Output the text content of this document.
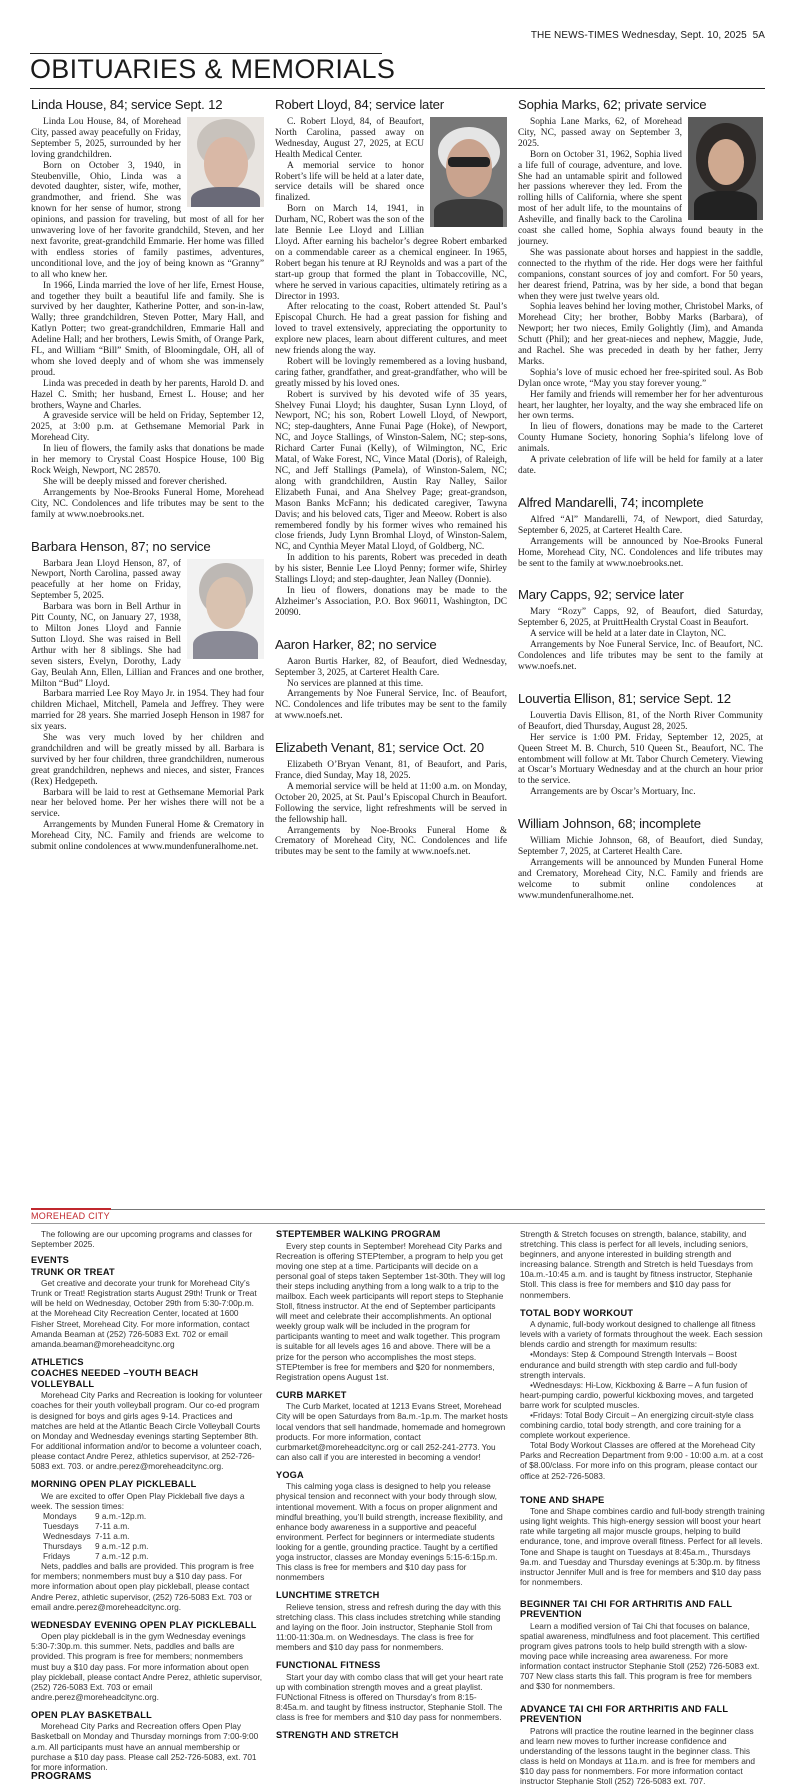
THE NEWS-TIMES Wednesday, Sept. 10, 2025 5A
OBITUARIES & MEMORIALS
Linda House, 84; service Sept. 12

Linda Lou House, 84, of Morehead City, passed away peacefully on Friday, September 5, 2025, surrounded by her loving grandchildren.

Born on October 3, 1940, in Steubenville, Ohio, Linda was a devoted daughter, sister, wife, mother, grandmother, and friend. She was known for her sense of humor, strong opinions, and passion for traveling, but most of all for her unwavering love of her favorite grandchild, Steven, and her next favorite, great-grandchild Emmarie. Her home was filled with endless stories of family pastimes, adventures, unconditional love, and the joy of being known as “Granny” to all who knew her.

In 1966, Linda married the love of her life, Ernest House, and together they built a beautiful life and family. She is survived by her daughter, Katherine Potter, and son-in-law, Wally; three grandchildren, Steven Potter, Mary Hall, and Katlyn Potter; two great-grandchildren, Emmarie Hall and Adeline Hall; and her brothers, Lewis Smith, of Orange Park, FL, and William “Bill” Smith, of Bloomingdale, OH, all of whom she loved deeply and of whom she was immensely proud.

Linda was preceded in death by her parents, Harold D. and Hazel C. Smith; her husband, Ernest L. House; and her brothers, Wayne and Charles.

A graveside service will be held on Friday, September 12, 2025, at 3:00 p.m. at Gethsemane Memorial Park in Morehead City.

In lieu of flowers, the family asks that donations be made in her memory to Crystal Coast Hospice House, 100 Big Rock Weigh, Newport, NC 28570.

She will be deeply missed and forever cherished.

Arrangements by Noe-Brooks Funeral Home, Morehead City, NC. Condolences and life tributes may be sent to the family at www.noebrooks.net.

Barbara Henson, 87; no service

Barbara Jean Lloyd Henson, 87, of Newport, North Carolina, passed away peacefully at her home on Friday, September 5, 2025.

Barbara was born in Bell Arthur in Pitt County, NC, on January 27, 1938, to Milton Jones Lloyd and Fannie Sutton Lloyd. She was raised in Bell Arthur with her 8 siblings. She had seven sisters, Evelyn, Dorothy, Lady Gay, Beulah Ann, Ellen, Lillian and Frances and one brother, Milton “Bud” Lloyd.

Barbara married Lee Roy Mayo Jr. in 1954. They had four children Michael, Mitchell, Pamela and Jeffrey. They were married for 28 years. She married Joseph Henson in 1987 for six years.

She was very much loved by her children and grandchildren and will be greatly missed by all. Barbara is survived by her four children, three grandchildren, numerous great grandchildren, nephews and nieces, and sister, Frances (Rex) Hedgepeth.

Barbara will be laid to rest at Gethsemane Memorial Park near her beloved home. Per her wishes there will not be a service.

Arrangements by Munden Funeral Home & Crematory in Morehead City, NC. Family and friends are welcome to submit online condolences at www.mundenfuneralhome.net.

Robert Lloyd, 84; service later

C. Robert Lloyd, 84, of Beaufort, North Carolina, passed away on Wednesday, August 27, 2025, at ECU Health Medical Center.

A memorial service to honor Robert’s life will be held at a later date, service details will be shared once finalized.

Born on March 14, 1941, in Durham, NC, Robert was the son of the late Bennie Lee Lloyd and Lillian Lloyd. After earning his bachelor’s degree Robert embarked on a commendable career as a chemical engineer. In 1965, Robert began his tenure at RJ Reynolds and was a part of the start-up group that formed the plant in Tobaccoville, NC, where he served in various capacities, ultimately retiring as a Director in 1993.

After relocating to the coast, Robert attended St. Paul’s Episcopal Church. He had a great passion for fishing and loved to travel extensively, appreciating the opportunity to explore new places, learn about different cultures, and meet new friends along the way.

Robert will be lovingly remembered as a loving husband, caring father, grandfather, and great-grandfather, who will be greatly missed by his loved ones.

Robert is survived by his devoted wife of 35 years, Shelvey Funai Lloyd; his daughter, Susan Lynn Lloyd, of Newport, NC; his son, Robert Lowell Lloyd, of Newport, NC; step-daughters, Anne Funai Page (Hoke), of Newport, NC, and Joyce Stallings, of Winston-Salem, NC; step-sons, Richard Carter Funai (Kelly), of Wilmington, NC, Eric Matal, of Wake Forest, NC, Vince Matal (Doris), of Raleigh, NC, and Jeff Stallings (Pamela), of Winston-Salem, NC; along with grandchildren, Austin Ray Nalley, Sailor Elizabeth Funai, and Ana Shelvey Page; great-grandson, Mason Banks McFann; his dedicated caregiver, Tawyna Davis; and his beloved cats, Tiger and Meeow. Robert is also remembered fondly by his former wives who remained his close friends, Judy Lynn Bromhal Lloyd, of Winston-Salem, NC, and Cynthia Meyer Matal Lloyd, of Goldberg, NC.

In addition to his parents, Robert was preceded in death by his sister, Bennie Lee Lloyd Penny; former wife, Shirley Stallings Lloyd; and step-daughter, Jean Nalley (Donnie).

In lieu of flowers, donations may be made to the Alzheimer’s Association, P.O. Box 96011, Washington, DC 20090.

Aaron Harker, 82; no service

Aaron Burtis Harker, 82, of Beaufort, died Wednesday, September 3, 2025, at Carteret Health Care.

No services are planned at this time.

Arrangements by Noe Funeral Service, Inc. of Beaufort, NC. Condolences and life tributes may be sent to the family at www.noefs.net.

Elizabeth Venant, 81; service Oct. 20

Elizabeth O’Bryan Venant, 81, of Beaufort, and Paris, France, died Sunday, May 18, 2025.

A memorial service will be held at 11:00 a.m. on Monday, October 20, 2025, at St. Paul’s Episcopal Church in Beaufort. Following the service, light refreshments will be served in the fellowship hall.

Arrangements by Noe-Brooks Funeral Home & Crematory of Morehead City, NC. Condolences and life tributes may be sent to the family at www.noefs.net.

Sophia Marks, 62; private service

Sophia Lane Marks, 62, of Morehead City, NC, passed away on September 3, 2025.

Born on October 31, 1962, Sophia lived a life full of courage, adventure, and love. She had an untamable spirit and followed her passions wherever they led. From the rolling hills of California, where she spent most of her adult life, to the mountains of Asheville, and finally back to the Carolina coast she called home, Sophia always found beauty in the journey.

She was passionate about horses and happiest in the saddle, connected to the rhythm of the ride. Her dogs were her faithful companions, constant sources of joy and comfort. For 50 years, her dearest friend, Patrina, was by her side, a bond that began when they were just twelve years old.

Sophia leaves behind her loving mother, Christobel Marks, of Morehead City; her brother, Bobby Marks (Barbara), of Newport; her two nieces, Emily Golightly (Jim), and Amanda Schutt (Phil); and her great-nieces and nephew, Maggie, Jude, and Rachel. She was preceded in death by her father, Jerry Marks.

Sophia’s love of music echoed her free-spirited soul. As Bob Dylan once wrote, “May you stay forever young.”

Her family and friends will remember her for her adventurous heart, her laughter, her loyalty, and the way she embraced life on her own terms.

In lieu of flowers, donations may be made to the Carteret County Humane Society, honoring Sophia’s lifelong love of animals.

A private celebration of life will be held for family at a later date.

Alfred Mandarelli, 74; incomplete

Alfred “Al” Mandarelli, 74, of Newport, died Saturday, September 6, 2025, at Carteret Health Care.

Arrangements will be announced by Noe-Brooks Funeral Home, Morehead City, NC. Condolences and life tributes may be sent to the family at www.noebrooks.net.

Mary Capps, 92; service later

Mary “Rozy” Capps, 92, of Beaufort, died Saturday, September 6, 2025, at PruittHealth Crystal Coast in Beaufort.

A service will be held at a later date in Clayton, NC.

Arrangements by Noe Funeral Service, Inc. of Beaufort, NC. Condolences and life tributes may be sent to the family at www.noefs.net.

Louvertia Ellison, 81; service Sept. 12

Louvertia Davis Ellison, 81, of the North River Community of Beaufort, died Thursday, August 28, 2025.

Her service is 1:00 PM. Friday, September 12, 2025, at Queen Street M. B. Church, 510 Queen St., Beaufort, NC. The entombment will follow at Mt. Tabor Church Cemetery. Viewing at Oscar’s Mortuary Wednesday and at the church an hour prior to the service.

Arrangements are by Oscar’s Mortuary, Inc.

William Johnson, 68; incomplete

William Michie Johnson, 68, of Beaufort, died Sunday, September 7, 2025, at Carteret Health Care.

Arrangements will be announced by Munden Funeral Home and Crematory, Morehead City, N.C. Family and friends are welcome to submit online condolences at www.mundenfuneralhome.net.

MOREHEAD CITY

The following are our upcoming programs and classes for September 2025.

EVENTS
TRUNK OR TREAT

Get creative and decorate your trunk for Morehead City’s Trunk or Treat! Registration starts August 29th! Trunk or Treat will be held on Wednesday, October 29th from 5:30-7:00p.m. at the Morehead City Recreation Center, located at 1600 Fisher Street, Morehead City. For more information, contact Amanda Beaman at (252) 726-5083 Ext. 702 or email amanda.beaman@moreheadcitync.org

ATHLETICS
COACHES NEEDED –YOUTH BEACH VOLLEYBALL

Morehead City Parks and Recreation is looking for volunteer coaches for their youth volleyball program. Our co-ed program is designed for boys and girls ages 9-14. Practices and matches are held at the Atlantic Beach Circle Volleyball Courts on Monday and Wednesday evenings starting September 8th. For additional information and/or to become a volunteer coach, please contact Andre Perez, athletics supervisor, at 252-726-5083 ext. 703. or andre.perez@moreheadcitync.org.

MORNING OPEN PLAY PICKLEBALL

We are excited to offer Open Play Pickleball five days a week. The session times:

Mondays	9 a.m.-12p.m.
Tuesdays	7-11 a.m.
Wednesdays 7-11 a.m.
Thursdays	9 a.m.-12 p.m.
Fridays	7 a.m.-12 p.m.

Nets, paddles and balls are provided. This program is free for members; nonmembers must buy a $10 day pass. For more information about open play pickleball, please contact Andre Perez, athletic supervisor, (252) 726-5083 Ext. 703 or email andre.perez@moreheadcitync.org.

WEDNESDAY EVENING OPEN PLAY PICKLEBALL

Open play pickleball is in the gym Wednesday evenings 5:30-7:30p.m. this summer. Nets, paddles and balls are provided. This program is free for members; nonmembers must buy a $10 day pass. For more information about open play pickleball, please contact Andre Perez, athletic supervisor, (252) 726-5083 Ext. 703 or email andre.perez@moreheadcitync.org.

OPEN PLAY BASKETBALL

Morehead City Parks and Recreation offers Open Play Basketball on Monday and Thursday mornings from 7:00-9:00 a.m. All participants must have an annual membership or purchase a $10 day pass. Please call 252-726-5083, ext. 701 for more information.

PROGRAMS
STEPTEMBER WALKING PROGRAM

Every step counts in September! Morehead City Parks and Recreation is offering STEPtember, a program to help you get moving one step at a time. Participants will decide on a personal goal of steps taken September 1st-30th. They will log their steps including anything from a long walk to a trip to the mailbox. Each week participants will report steps to Stephanie Stoll, fitness instructor. At the end of September participants will meet and celebrate their accomplishments. An optional weekly group walk will be included in the program for participants wanting to meet and walk together. This program is suitable for all levels ages 16 and above. There will be a prize for the person who accomplishes the most steps. STEPtember is free for members and $20 for nonmembers, Registration opens August 1st.

CURB MARKET

The Curb Market, located at 1213 Evans Street, Morehead City will be open Saturdays from 8a.m.-1p.m. The market hosts local vendors that sell handmade, homemade and homegrown products. For more information, contact curbmarket@moreheadcitync.org or call 252-241-2773. You can also call if you are interested in becoming a vendor!

YOGA

This calming yoga class is designed to help you release physical tension and reconnect with your body through slow, intentional movement. With a focus on proper alignment and mindful breathing, you’ll build strength, increase flexibility, and enhance body awareness in a supportive and peaceful environment. Perfect for beginners or intermediate students looking for a gentle, grounding practice. Taught by a certified yoga instructor, classes are Monday evenings 5:15-6:15p.m. This class is free for members and $10 day pass for nonmembers

LUNCHTIME STRETCH

Relieve tension, stress and refresh during the day with this stretching class. This class includes stretching while standing and laying on the floor. Join instructor, Stephanie Stoll from 11:00-11:30a.m. on Wednesdays. The class is free for members and $10 day pass for nonmembers.

FUNCTIONAL FITNESS

Start your day with combo class that will get your heart rate up with combination strength moves and a great playlist. FUNctional Fitness is offered on Thursday’s from 8:15-8:45a.m. and taught by fitness instructor, Stephanie Stoll. The class is free for members and $10 day pass for nonmembers.

STRENGTH AND STRETCH

Strength & Stretch focuses on strength, balance, stability, and stretching. This class is perfect for all levels, including seniors, beginners, and anyone interested in building strength and increasing balance. Strength and Stretch is held Tuesdays from 10a.m.-10:45 a.m. and is taught by fitness instructor, Stephanie Stoll. This class is free for members and $10 day pass for nonmembers.
TOTAL BODY WORKOUT

A dynamic, full-body workout designed to challenge all fitness levels with a variety of formats throughout the week. Each session blends cardio and strength for maximum results:

•Mondays: Step & Compound Strength Intervals – Boost endurance and build strength with step cardio and full-body strength intervals.

•Wednesdays: Hi-Low, Kickboxing & Barre – A fun fusion of heart-pumping cardio, powerful kickboxing moves, and targeted barre work for sculpted muscles.

•Fridays: Total Body Circuit – An energizing circuit-style class combining cardio, total body strength, and core training for a complete workout experience.

Total Body Workout Classes are offered at the Morehead City Parks and Recreation Department from 9:00 - 10:00 a.m. at a cost of $8.00/class. For more info on this program, please contact our office at 252-726-5083.

TONE AND SHAPE

Tone and Shape combines cardio and full-body strength training using light weights. This high-energy session will boost your heart rate while targeting all major muscle groups, helping to build endurance, tone, and improve overall fitness. Perfect for all levels. Tone and Shape is taught on Tuesdays at 8:45a.m., Thursdays 9a.m. and Tuesday and Thursday evenings at 5:30p.m. by fitness instructor Jennifer Mull and is free for members and $10 day pass for nonmembers.

BEGINNER TAI CHI FOR ARTHRITIS AND FALL PREVENTION

Learn a modified version of Tai Chi that focuses on balance, spatial awareness, mindfulness and foot placement. This certified program gives patrons tools to help build strength with a slow-moving pace while increasing area awareness. For more information contact instructor Stephanie Stoll (252) 726-5083 ext. 707 New class starts this fall. This program is free for members and $30 for nonmembers.

ADVANCE TAI CHI FOR ARTHRITIS AND FALL PREVENTION

Patrons will practice the routine learned in the beginner class and learn new moves to further increase confidence and understanding of the lessons taught in the beginner class. This class is held on Mondays at 11a.m. and is free for members and $10 day pass for nonmembers. For more information contact instructor Stephanie Stoll (252) 726-5083 ext. 707.
